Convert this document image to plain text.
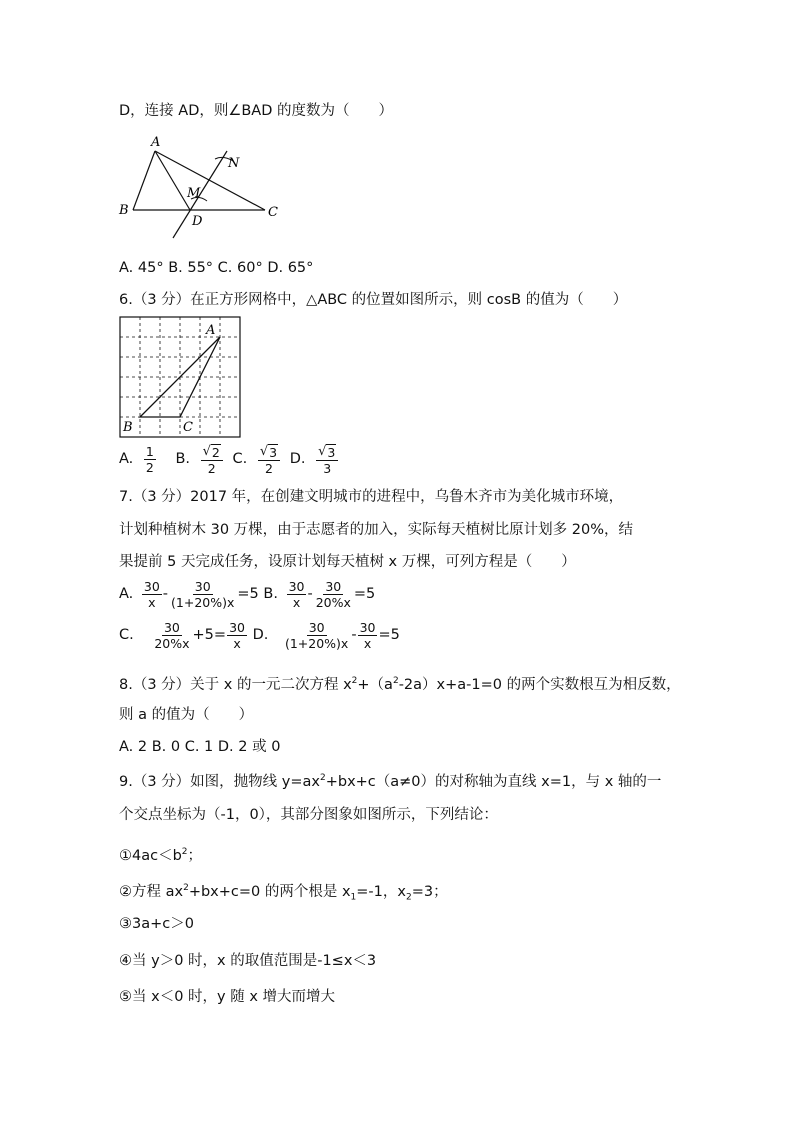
D，连接 AD，则∠BAD 的度数为（　　）
A
B	C
D
M
N
A. 45° B. 55° C. 60° D. 65°
6.（3 分）在正方形网格中，△ABC 的位置如图所示，则 cosB 的值为（　　）
A
B	C
A. $\frac{1}{2} B$. $\frac{√ 2}{2} C$. $\frac{√ 3}{2} D$. $\frac{√ 3}{3}$
7.（3 分）2017 年，在创建文明城市的进程中，乌鲁木齐市为美化城市环境，
计划种植树木 30 万棵，由于志愿者的加入，实际每天植树比原计划多 20%，结
果提前 5 天完成任务，设原计划每天植树 x 万棵，可列方程是（　　）
A. $\frac{30}{x} - \frac{30}{(1+20\%)x} =5$ B. $\frac{30}{x} - \frac{30}{20\%x} =5$
C. $\frac{30}{20\%x} +5= \frac{30}{x} D$. $\frac{30}{(1+20\%)x} - \frac{30}{x} =5$
8.（3 分）关于 x 的一元二次方程 $x^2+(a^2-2a)x+a-1=0$ 的两个实数根互为相反数，
则 a 的值为（　　）
A. 2 B. 0 C. 1 D. 2 或 0
9.（3 分）如图，抛物线 $y=ax^2+bx+c(a\ne 0)$的对称轴为直线 x=1，与 x 轴的一
个交点坐标为（-1，0），其部分图象如图所示，下列结论：
$①4ac<b^2$；
②方程 $ax^2+bx+c=0$ 的两个根是 $x_1=-1$，$x_2=3$；
③3a+c＞0
④当 y＞0 时，x 的取值范围是-1≤x＜3
⑤当 x＜0 时，y 随 x 增大而增大
